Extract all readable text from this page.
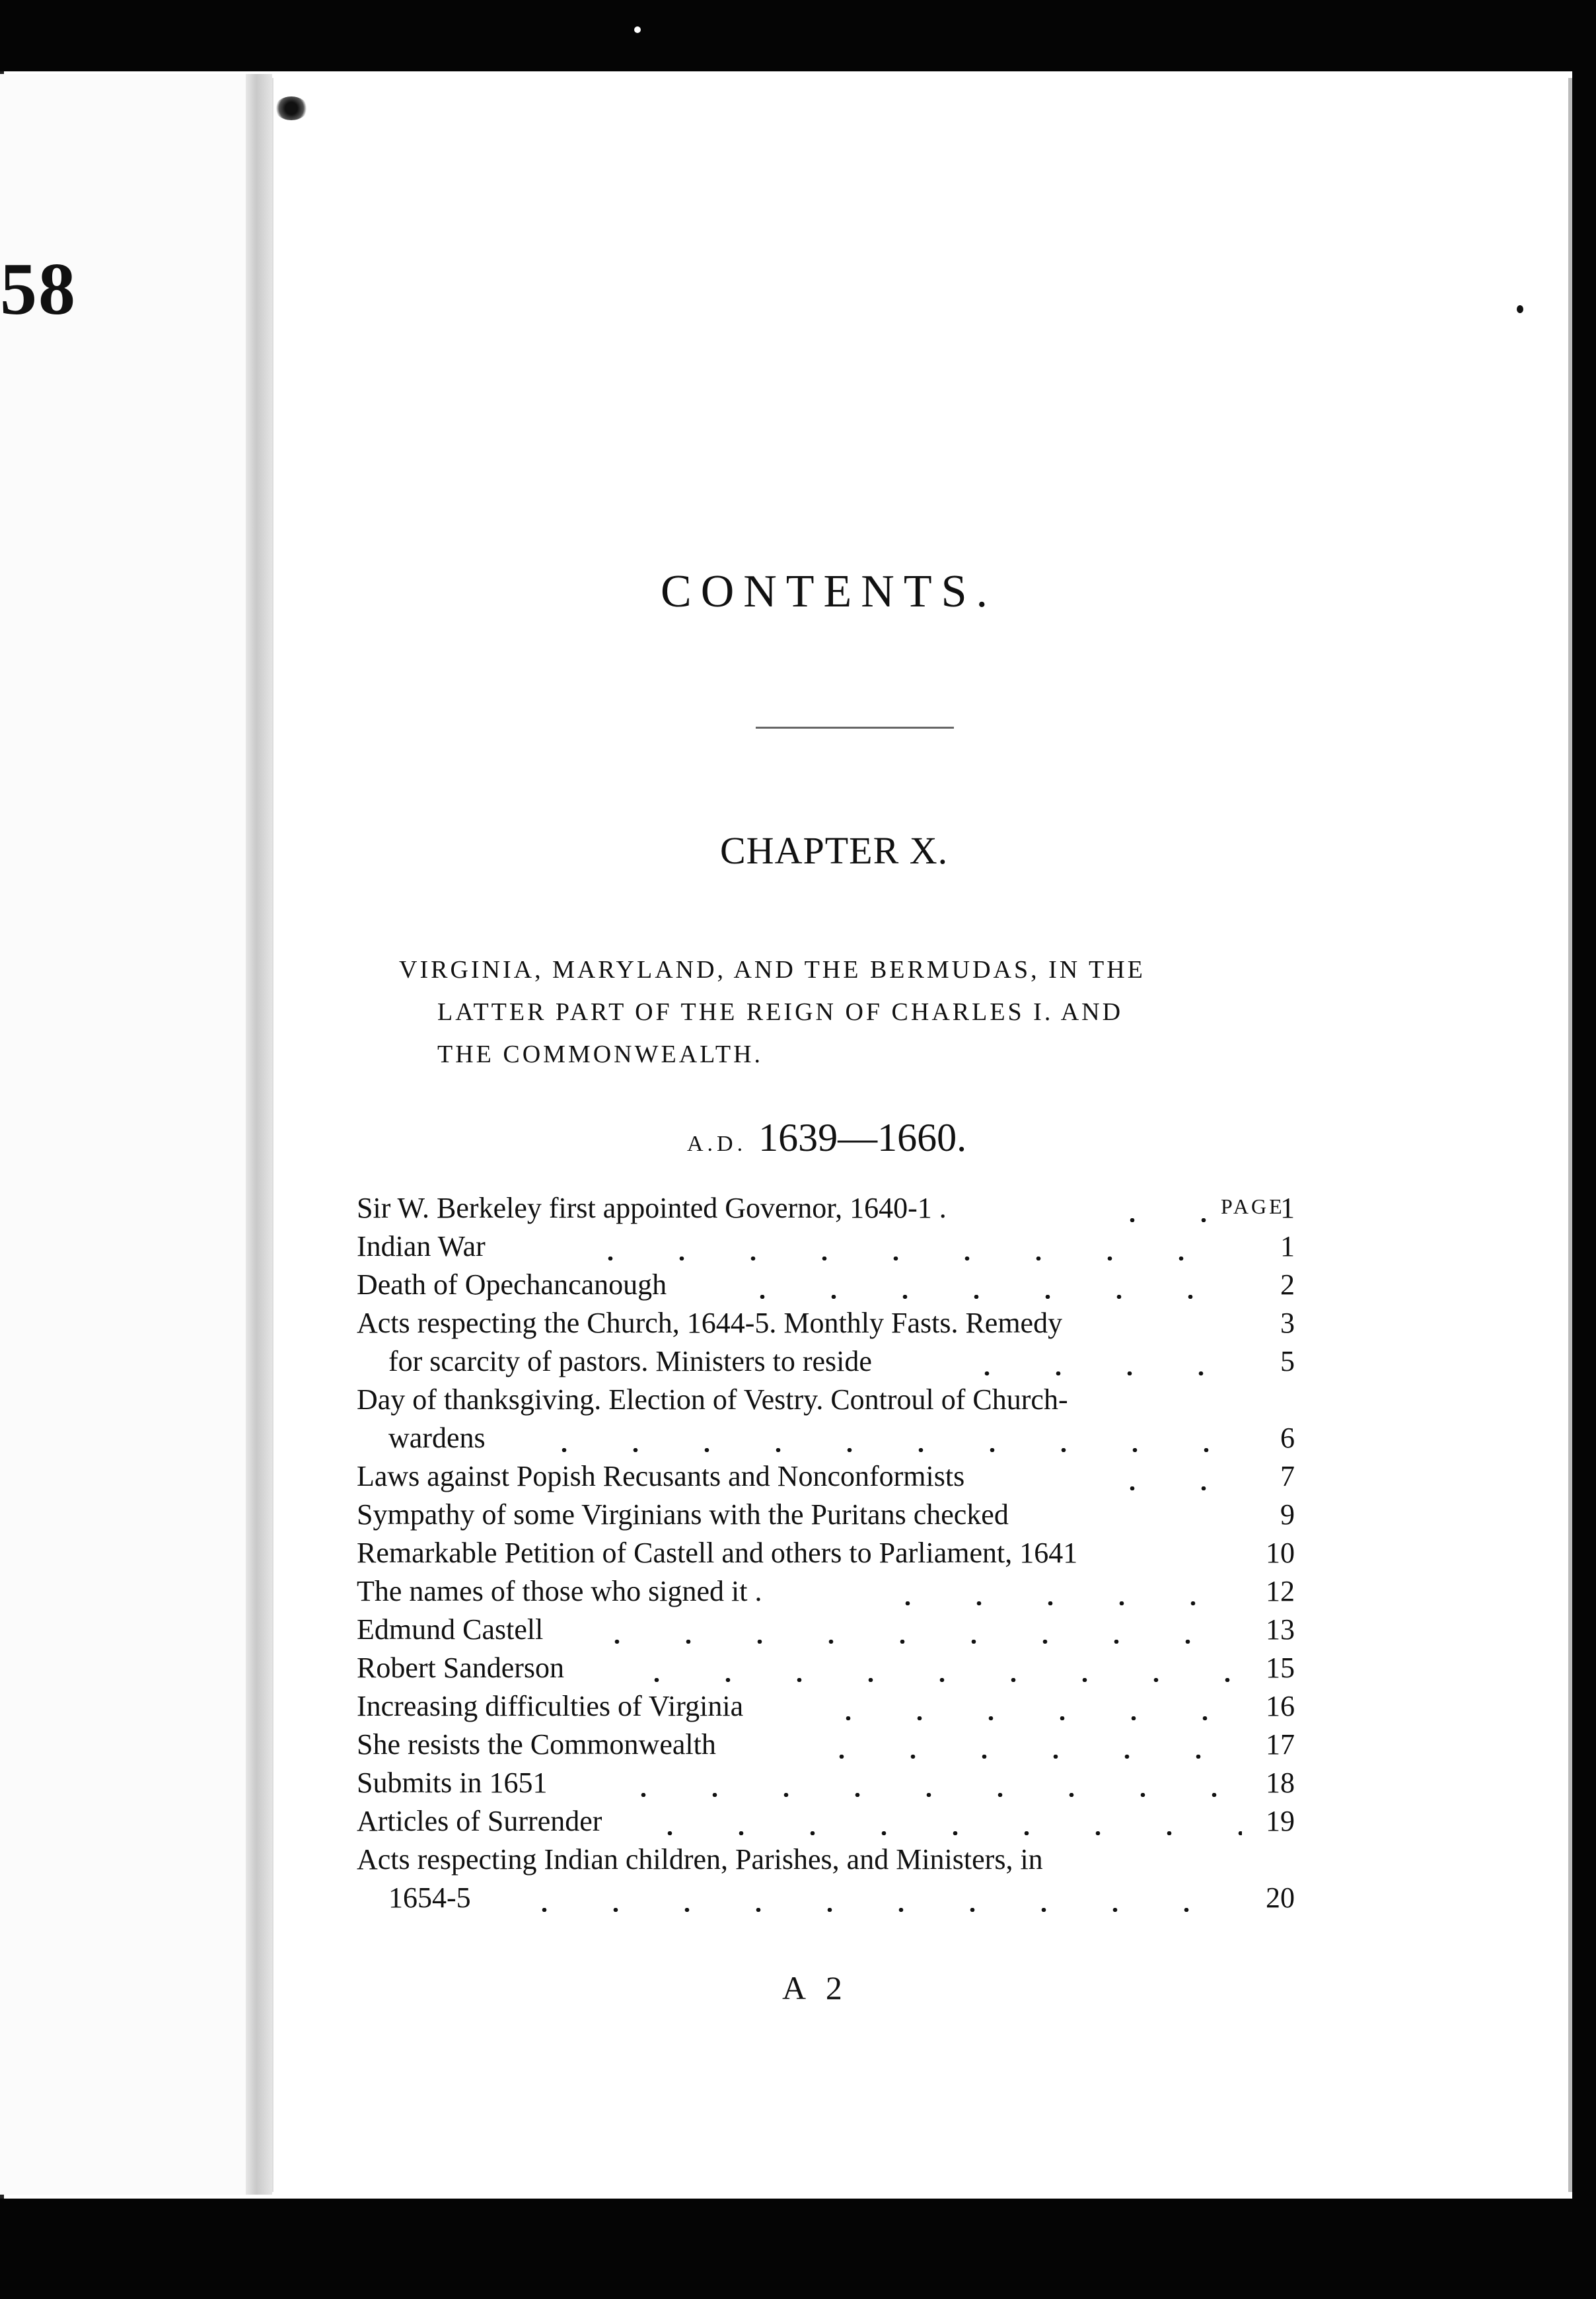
58
CONTENTS.
CHAPTER X.
VIRGINIA, MARYLAND, AND THE BERMUDAS, IN THE
LATTER PART OF THE REIGN OF CHARLES I. AND
THE COMMONWEALTH.
A.D. 1639—1660.
PAGE
Sir W. Berkeley first appointed Governor, 1640-1 .	1
Indian War	1
Death of Opechancanough	2
Acts respecting the Church, 1644-5. Monthly Fasts. Remedy	3
for scarcity of pastors. Ministers to reside	5
Day of thanksgiving. Election of Vestry. Controul of Church-
wardens	6
Laws against Popish Recusants and Nonconformists	7
Sympathy of some Virginians with the Puritans checked	9
Remarkable Petition of Castell and others to Parliament, 1641	10
The names of those who signed it .	12
Edmund Castell	13
Robert Sanderson	15
Increasing difficulties of Virginia	16
She resists the Commonwealth	17
Submits in 1651	18
Articles of Surrender	19
Acts respecting Indian children, Parishes, and Ministers, in
1654-5	20
A 2
